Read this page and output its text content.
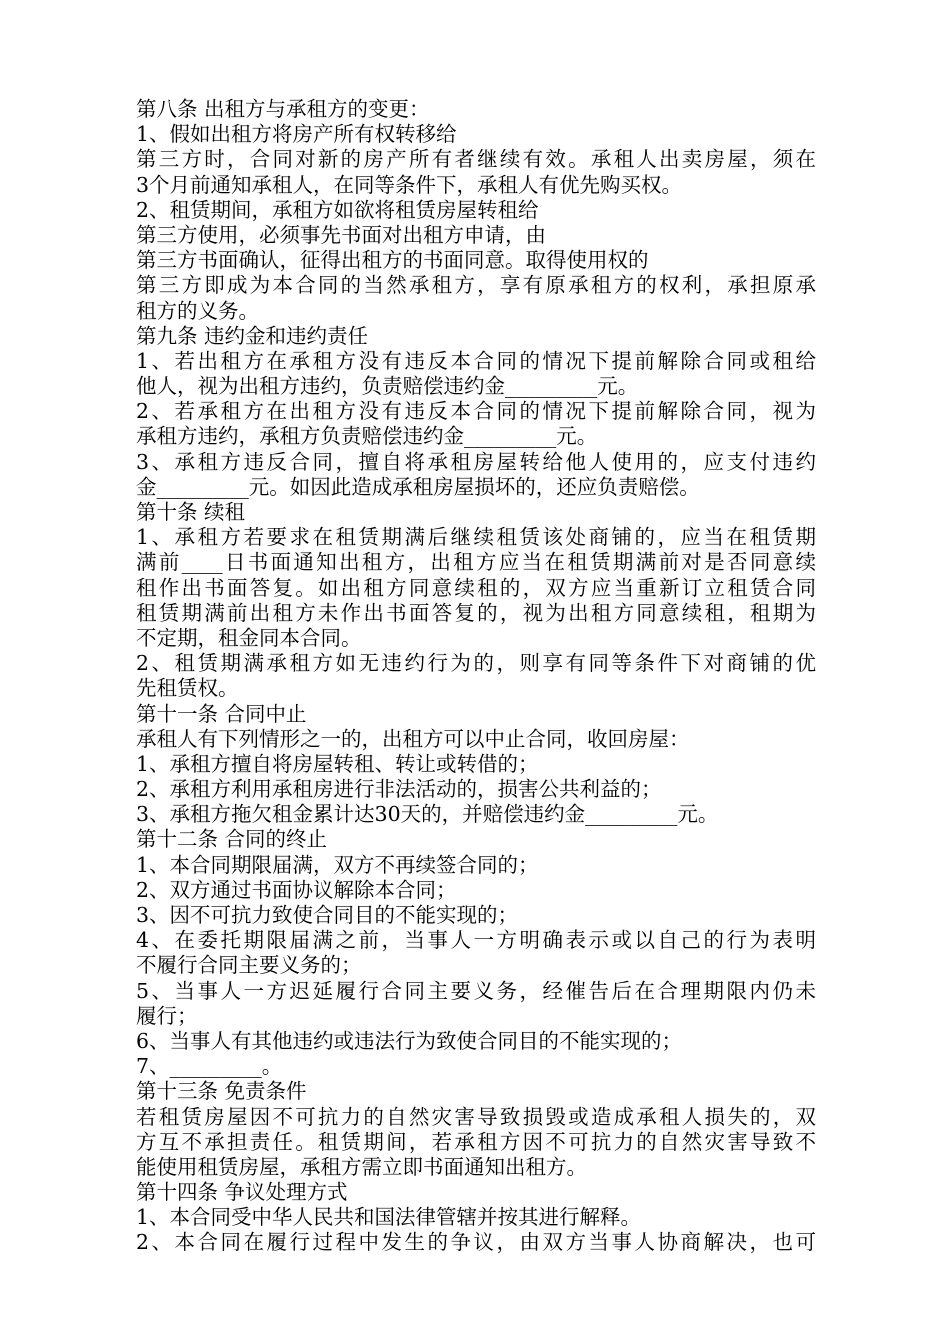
第八条 出租方与承租方的变更：

1、假如出租方将房产所有权转移给

第三方时，合同对新的房产所有者继续有效。承租人出卖房屋，须在

3个月前通知承租人，在同等条件下，承租人有优先购买权。

2、租赁期间，承租方如欲将租赁房屋转租给

第三方使用，必须事先书面对出租方申请，由

第三方书面确认，征得出租方的书面同意。取得使用权的

第三方即成为本合同的当然承租方，享有原承租方的权利，承担原承

租方的义务。

第九条 违约金和违约责任

1、若出租方在承租方没有违反本合同的情况下提前解除合同或租给

他人，视为出租方违约，负责赔偿违约金_________元。

2、若承租方在出租方没有违反本合同的情况下提前解除合同，视为

承租方违约，承租方负责赔偿违约金_________元。

3、承租方违反合同，擅自将承租房屋转给他人使用的，应支付违约

金_________元。如因此造成承租房屋损坏的，还应负责赔偿。

第十条 续租

1、承租方若要求在租赁期满后继续租赁该处商铺的，应当在租赁期

满前____日书面通知出租方，出租方应当在租赁期满前对是否同意续

租作出书面答复。如出租方同意续租的，双方应当重新订立租赁合同

租赁期满前出租方未作出书面答复的，视为出租方同意续租，租期为

不定期，租金同本合同。

2、租赁期满承租方如无违约行为的，则享有同等条件下对商铺的优

先租赁权。

第十一条 合同中止

承租人有下列情形之一的，出租方可以中止合同，收回房屋：

1、承租方擅自将房屋转租、转让或转借的；

2、承租方利用承租房进行非法活动的，损害公共利益的；

3、承租方拖欠租金累计达30天的，并赔偿违约金_________元。

第十二条 合同的终止

1、本合同期限届满，双方不再续签合同的；

2、双方通过书面协议解除本合同；

3、因不可抗力致使合同目的不能实现的；

4、在委托期限届满之前，当事人一方明确表示或以自己的行为表明

不履行合同主要义务的；

5、当事人一方迟延履行合同主要义务，经催告后在合理期限内仍未

履行；

6、当事人有其他违约或违法行为致使合同目的不能实现的；

7、_________。

第十三条 免责条件

若租赁房屋因不可抗力的自然灾害导致损毁或造成承租人损失的，双

方互不承担责任。租赁期间，若承租方因不可抗力的自然灾害导致不

能使用租赁房屋，承租方需立即书面通知出租方。

第十四条 争议处理方式

1、本合同受中华人民共和国法律管辖并按其进行解释。

2、本合同在履行过程中发生的争议，由双方当事人协商解决，也可
